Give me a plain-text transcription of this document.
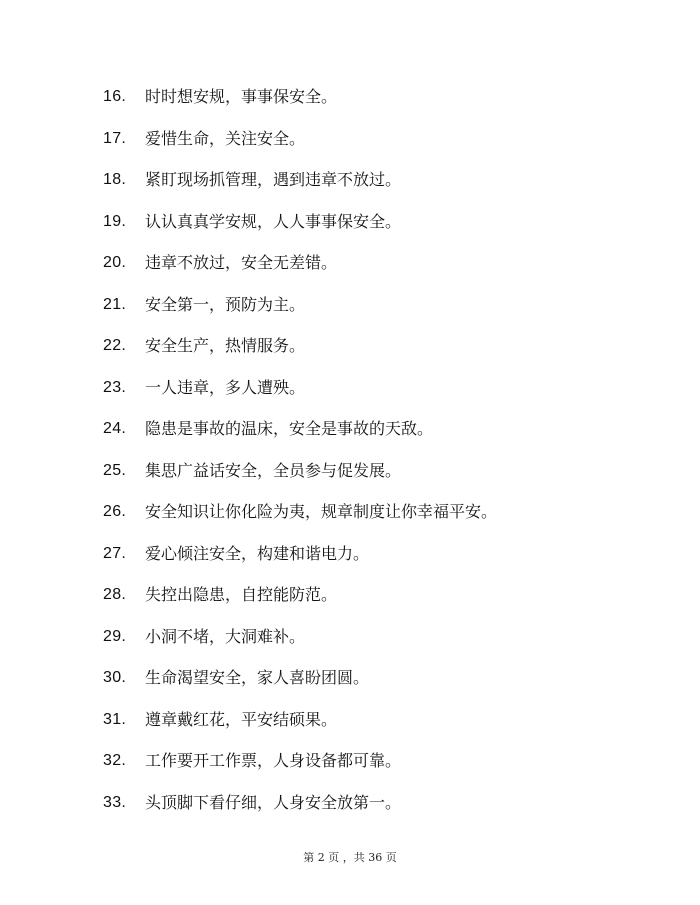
16.	时时想安规，事事保安全。
17.	爱惜生命，关注安全。
18.	紧盯现场抓管理，遇到违章不放过。
19.	认认真真学安规，人人事事保安全。
20.	违章不放过，安全无差错。
21.	安全第一，预防为主。
22.	安全生产，热情服务。
23.	一人违章，多人遭殃。
24.	隐患是事故的温床，安全是事故的天敌。
25.	集思广益话安全，全员参与促发展。
26.	安全知识让你化险为夷，规章制度让你幸福平安。
27.	爱心倾注安全，构建和谐电力。
28.	失控出隐患，自控能防范。
29.	小洞不堵，大洞难补。
30.	生命渴望安全，家人喜盼团圆。
31.	遵章戴红花，平安结硕果。
32.	工作要开工作票，人身设备都可靠。
33.	头顶脚下看仔细，人身安全放第一。
第 2 页 ，共 36 页
